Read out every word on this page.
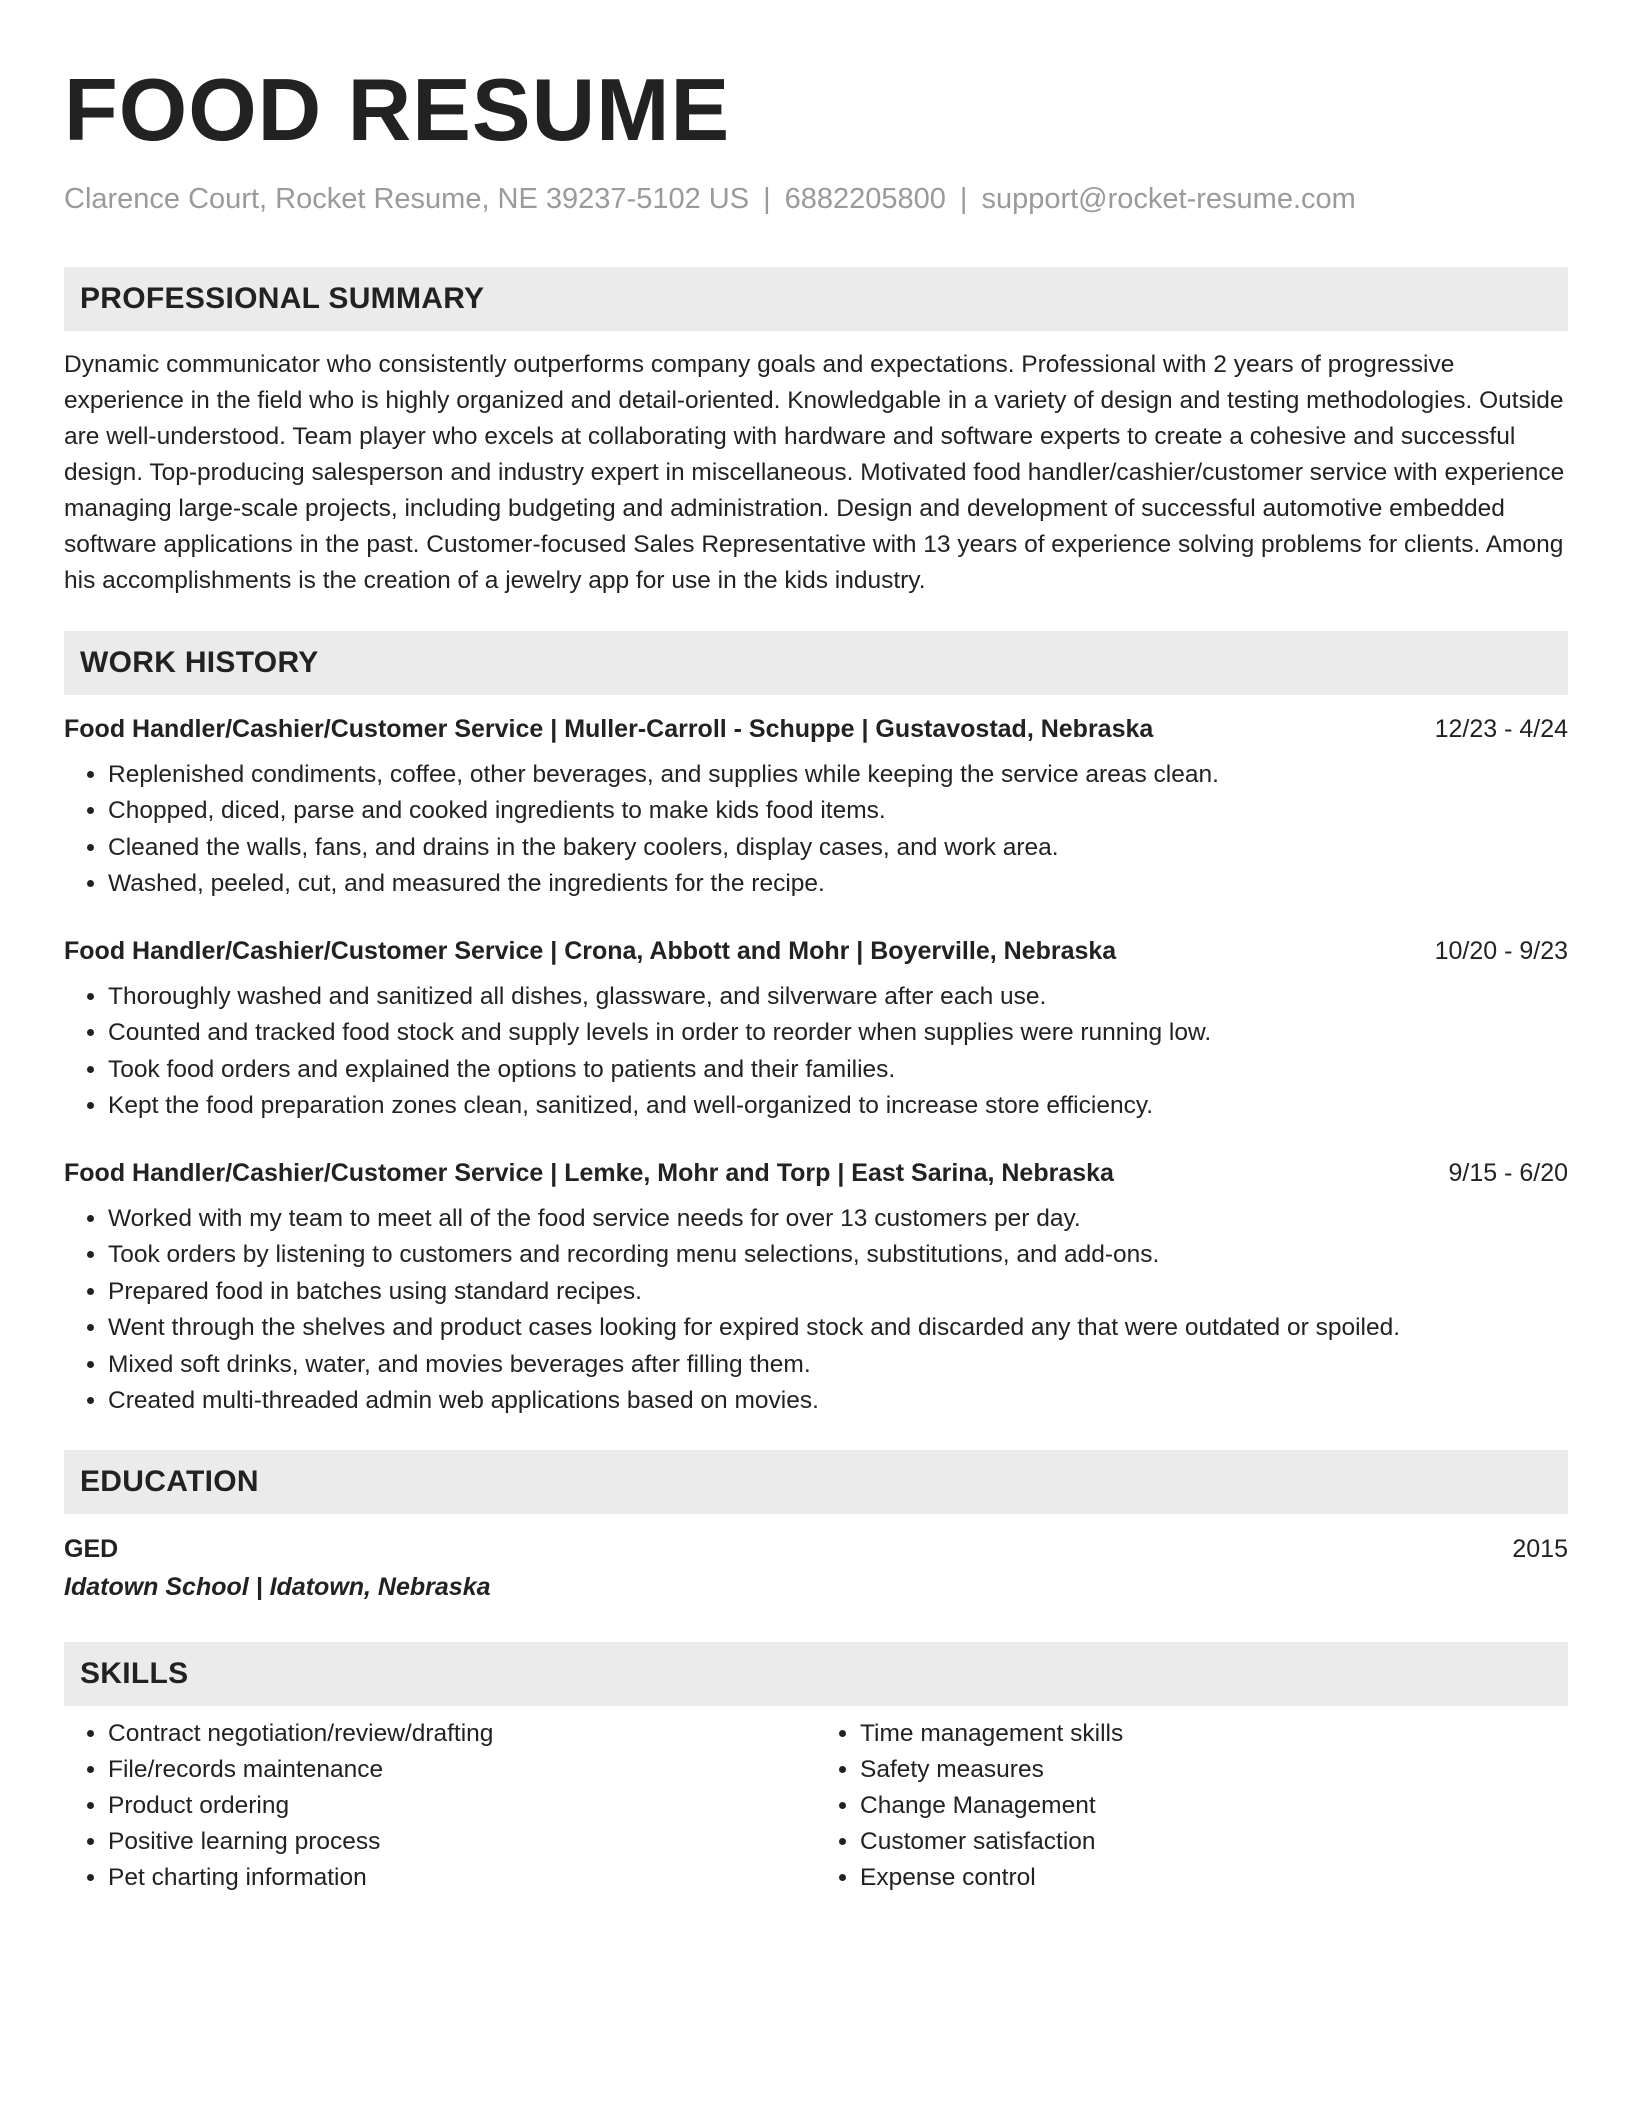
FOOD RESUME
Clarence Court, Rocket Resume, NE 39237-5102 US | 6882205800 | support@rocket-resume.com
PROFESSIONAL SUMMARY
Dynamic communicator who consistently outperforms company goals and expectations. Professional with 2 years of progressive experience in the field who is highly organized and detail-oriented. Knowledgable in a variety of design and testing methodologies. Outside are well-understood. Team player who excels at collaborating with hardware and software experts to create a cohesive and successful design. Top-producing salesperson and industry expert in miscellaneous. Motivated food handler/cashier/customer service with experience managing large-scale projects, including budgeting and administration. Design and development of successful automotive embedded software applications in the past. Customer-focused Sales Representative with 13 years of experience solving problems for clients. Among his accomplishments is the creation of a jewelry app for use in the kids industry.
WORK HISTORY
Food Handler/Cashier/Customer Service | Muller-Carroll - Schuppe | Gustavostad, Nebraska	12/23 - 4/24
• Replenished condiments, coffee, other beverages, and supplies while keeping the service areas clean.
• Chopped, diced, parse and cooked ingredients to make kids food items.
• Cleaned the walls, fans, and drains in the bakery coolers, display cases, and work area.
• Washed, peeled, cut, and measured the ingredients for the recipe.
Food Handler/Cashier/Customer Service | Crona, Abbott and Mohr | Boyerville, Nebraska	10/20 - 9/23
• Thoroughly washed and sanitized all dishes, glassware, and silverware after each use.
• Counted and tracked food stock and supply levels in order to reorder when supplies were running low.
• Took food orders and explained the options to patients and their families.
• Kept the food preparation zones clean, sanitized, and well-organized to increase store efficiency.
Food Handler/Cashier/Customer Service | Lemke, Mohr and Torp | East Sarina, Nebraska	9/15 - 6/20
• Worked with my team to meet all of the food service needs for over 13 customers per day.
• Took orders by listening to customers and recording menu selections, substitutions, and add-ons.
• Prepared food in batches using standard recipes.
• Went through the shelves and product cases looking for expired stock and discarded any that were outdated or spoiled.
• Mixed soft drinks, water, and movies beverages after filling them.
• Created multi-threaded admin web applications based on movies.
EDUCATION
GED	2015
Idatown School | Idatown, Nebraska
SKILLS
• Contract negotiation/review/drafting
• File/records maintenance
• Product ordering
• Positive learning process
• Pet charting information
• Time management skills
• Safety measures
• Change Management
• Customer satisfaction
• Expense control
